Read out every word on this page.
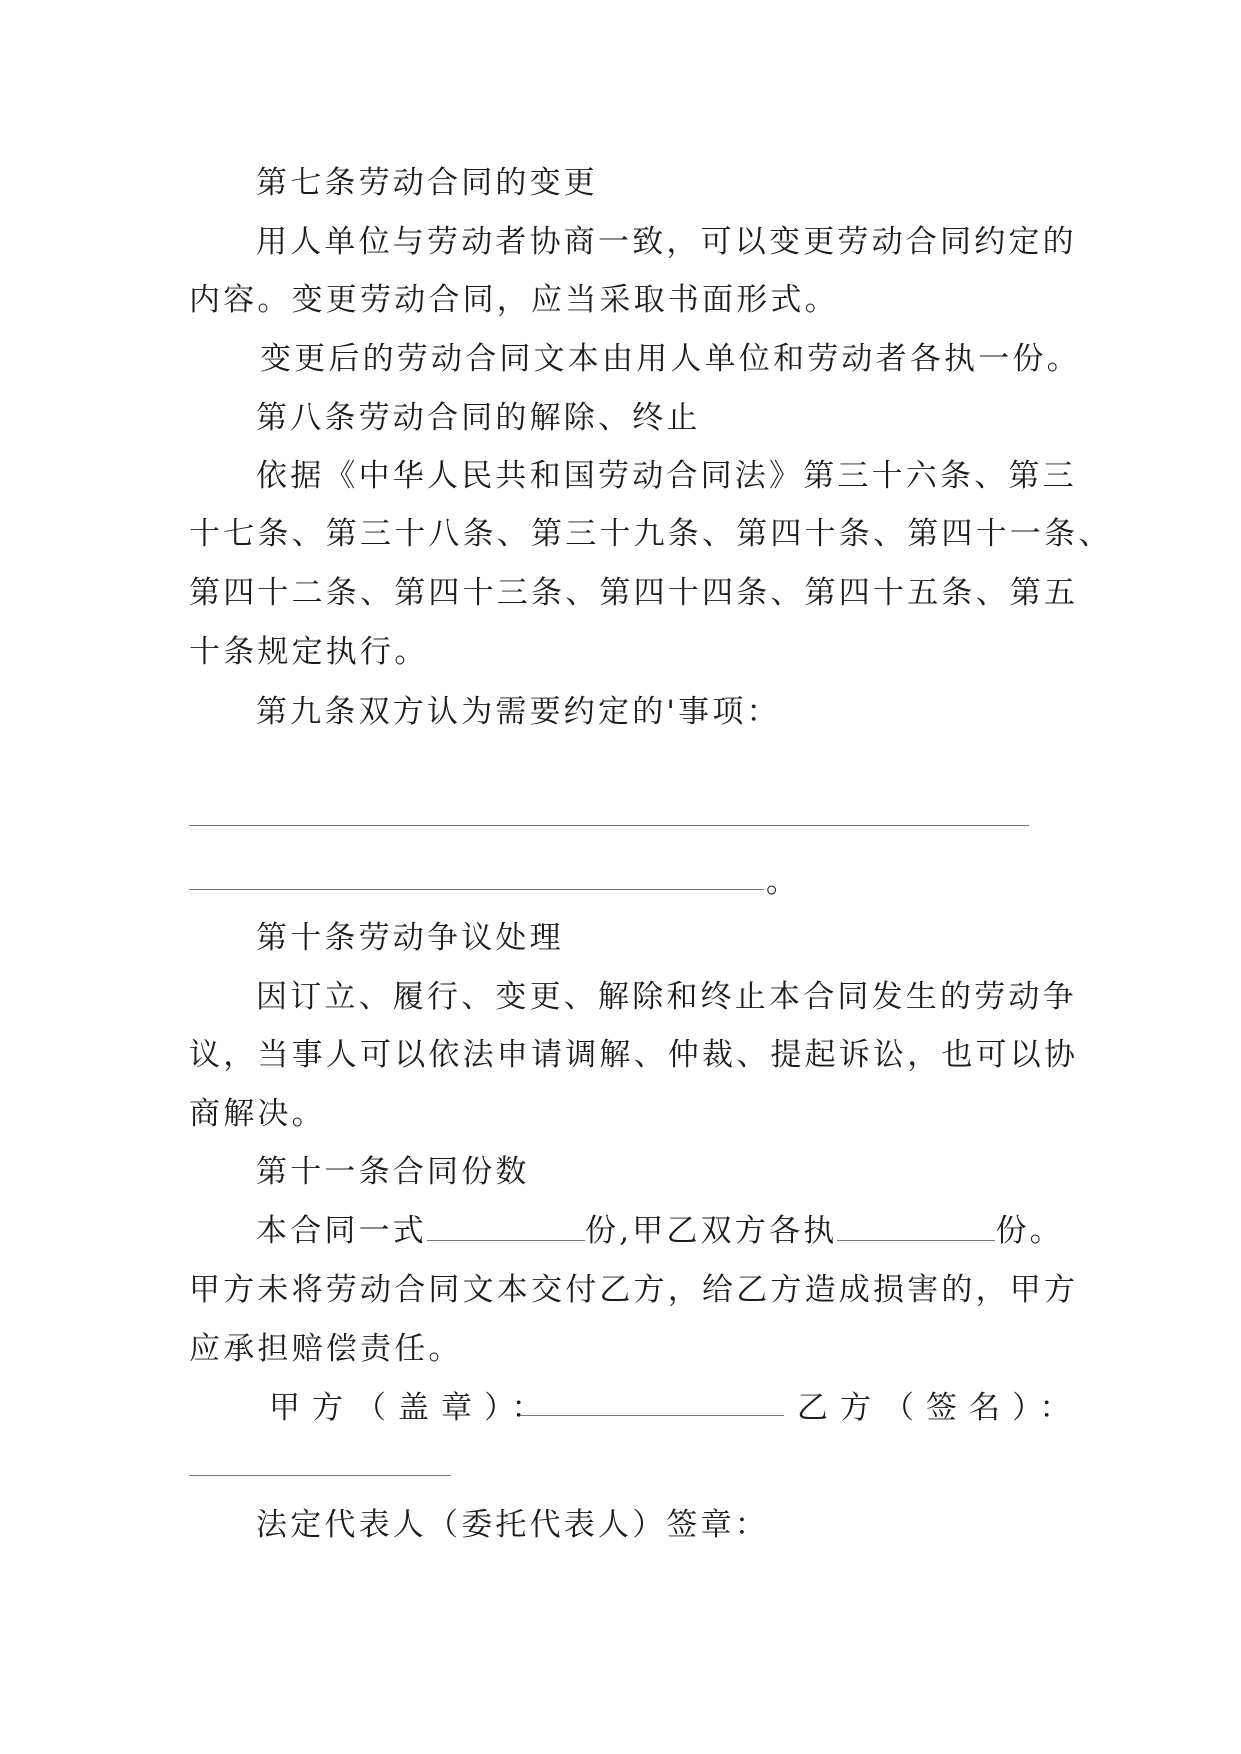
第七条劳动合同的变更
用人单位与劳动者协商一致，可以变更劳动合同约定的
内容。变更劳动合同，应当采取书面形式。
变更后的劳动合同文本由用人单位和劳动者各执一份。
第八条劳动合同的解除、终止
依据《中华人民共和国劳动合同法》第三十六条、第三
十七条、第三十八条、第三十九条、第四十条、第四十一条、
第四十二条、第四十三条、第四十四条、第四十五条、第五
十条规定执行。
第九条双方认为需要约定的'事项：
。
第十条劳动争议处理
因订立、履行、变更、解除和终止本合同发生的劳动争
议，当事人可以依法申请调解、仲裁、提起诉讼，也可以协
商解决。
第十一条合同份数
本合同一式	份,甲乙双方各执	份。
甲方未将劳动合同文本交付乙方，给乙方造成损害的，甲方
应承担赔偿责任。
甲方（盖章）：	乙方（签名）：
法定代表人（委托代表人）签章：
